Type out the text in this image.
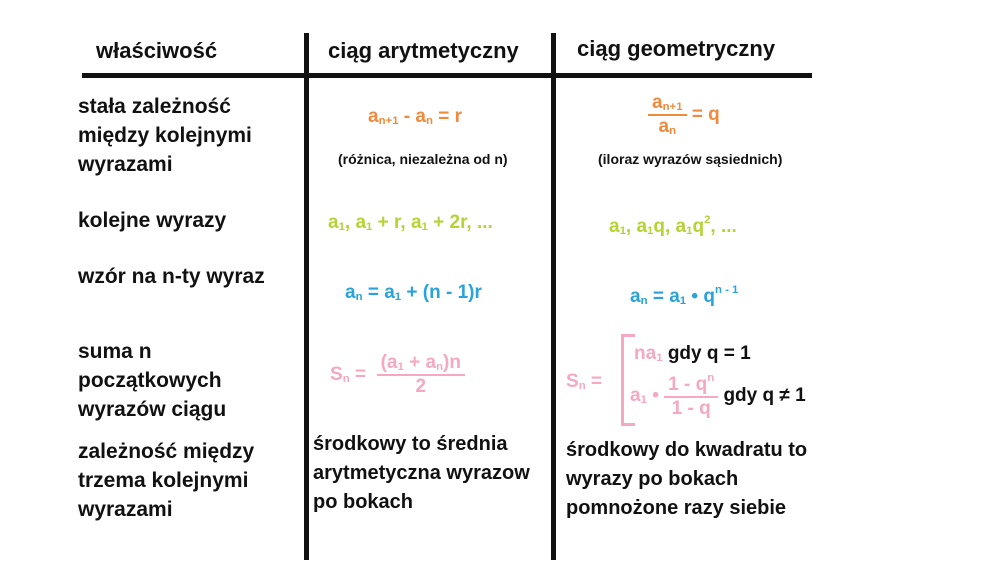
właściwość	ciąg arytmetyczny	ciąg geometryczny
stała zależność między kolejnymi wyrazami
kolejne wyrazy
wzór na n-ty wyraz
suma n początkowych wyrazów ciągu
zależność między trzema kolejnymi wyrazami
$a_{n+1} - a_n = r$
(różnica, niezależna od n)
$a_1$, $a_1 + r$, $a_1 + 2r$, ...
$a_n = a_1 + (n - 1)r$
$S_n = \frac{(a_1 + a_n)n}{2}$
środkowy to średnia arytmetyczna wyrazow po bokach
$\frac{a_{n+1}}{a_n} = q$
(iloraz wyrazów sąsiednich)
$a_1$, $a_1q$, $a_1q^2$, ...
$a_n = a_1$ • $q^{n - 1}$
$S_n$ =
$na_1$ gdy q = 1
$a_1$ • $\frac{1 - q^n}{1 - q}$ gdy q ≠ 1
środkowy do kwadratu to wyrazy po bokach pomnożone razy siebie
